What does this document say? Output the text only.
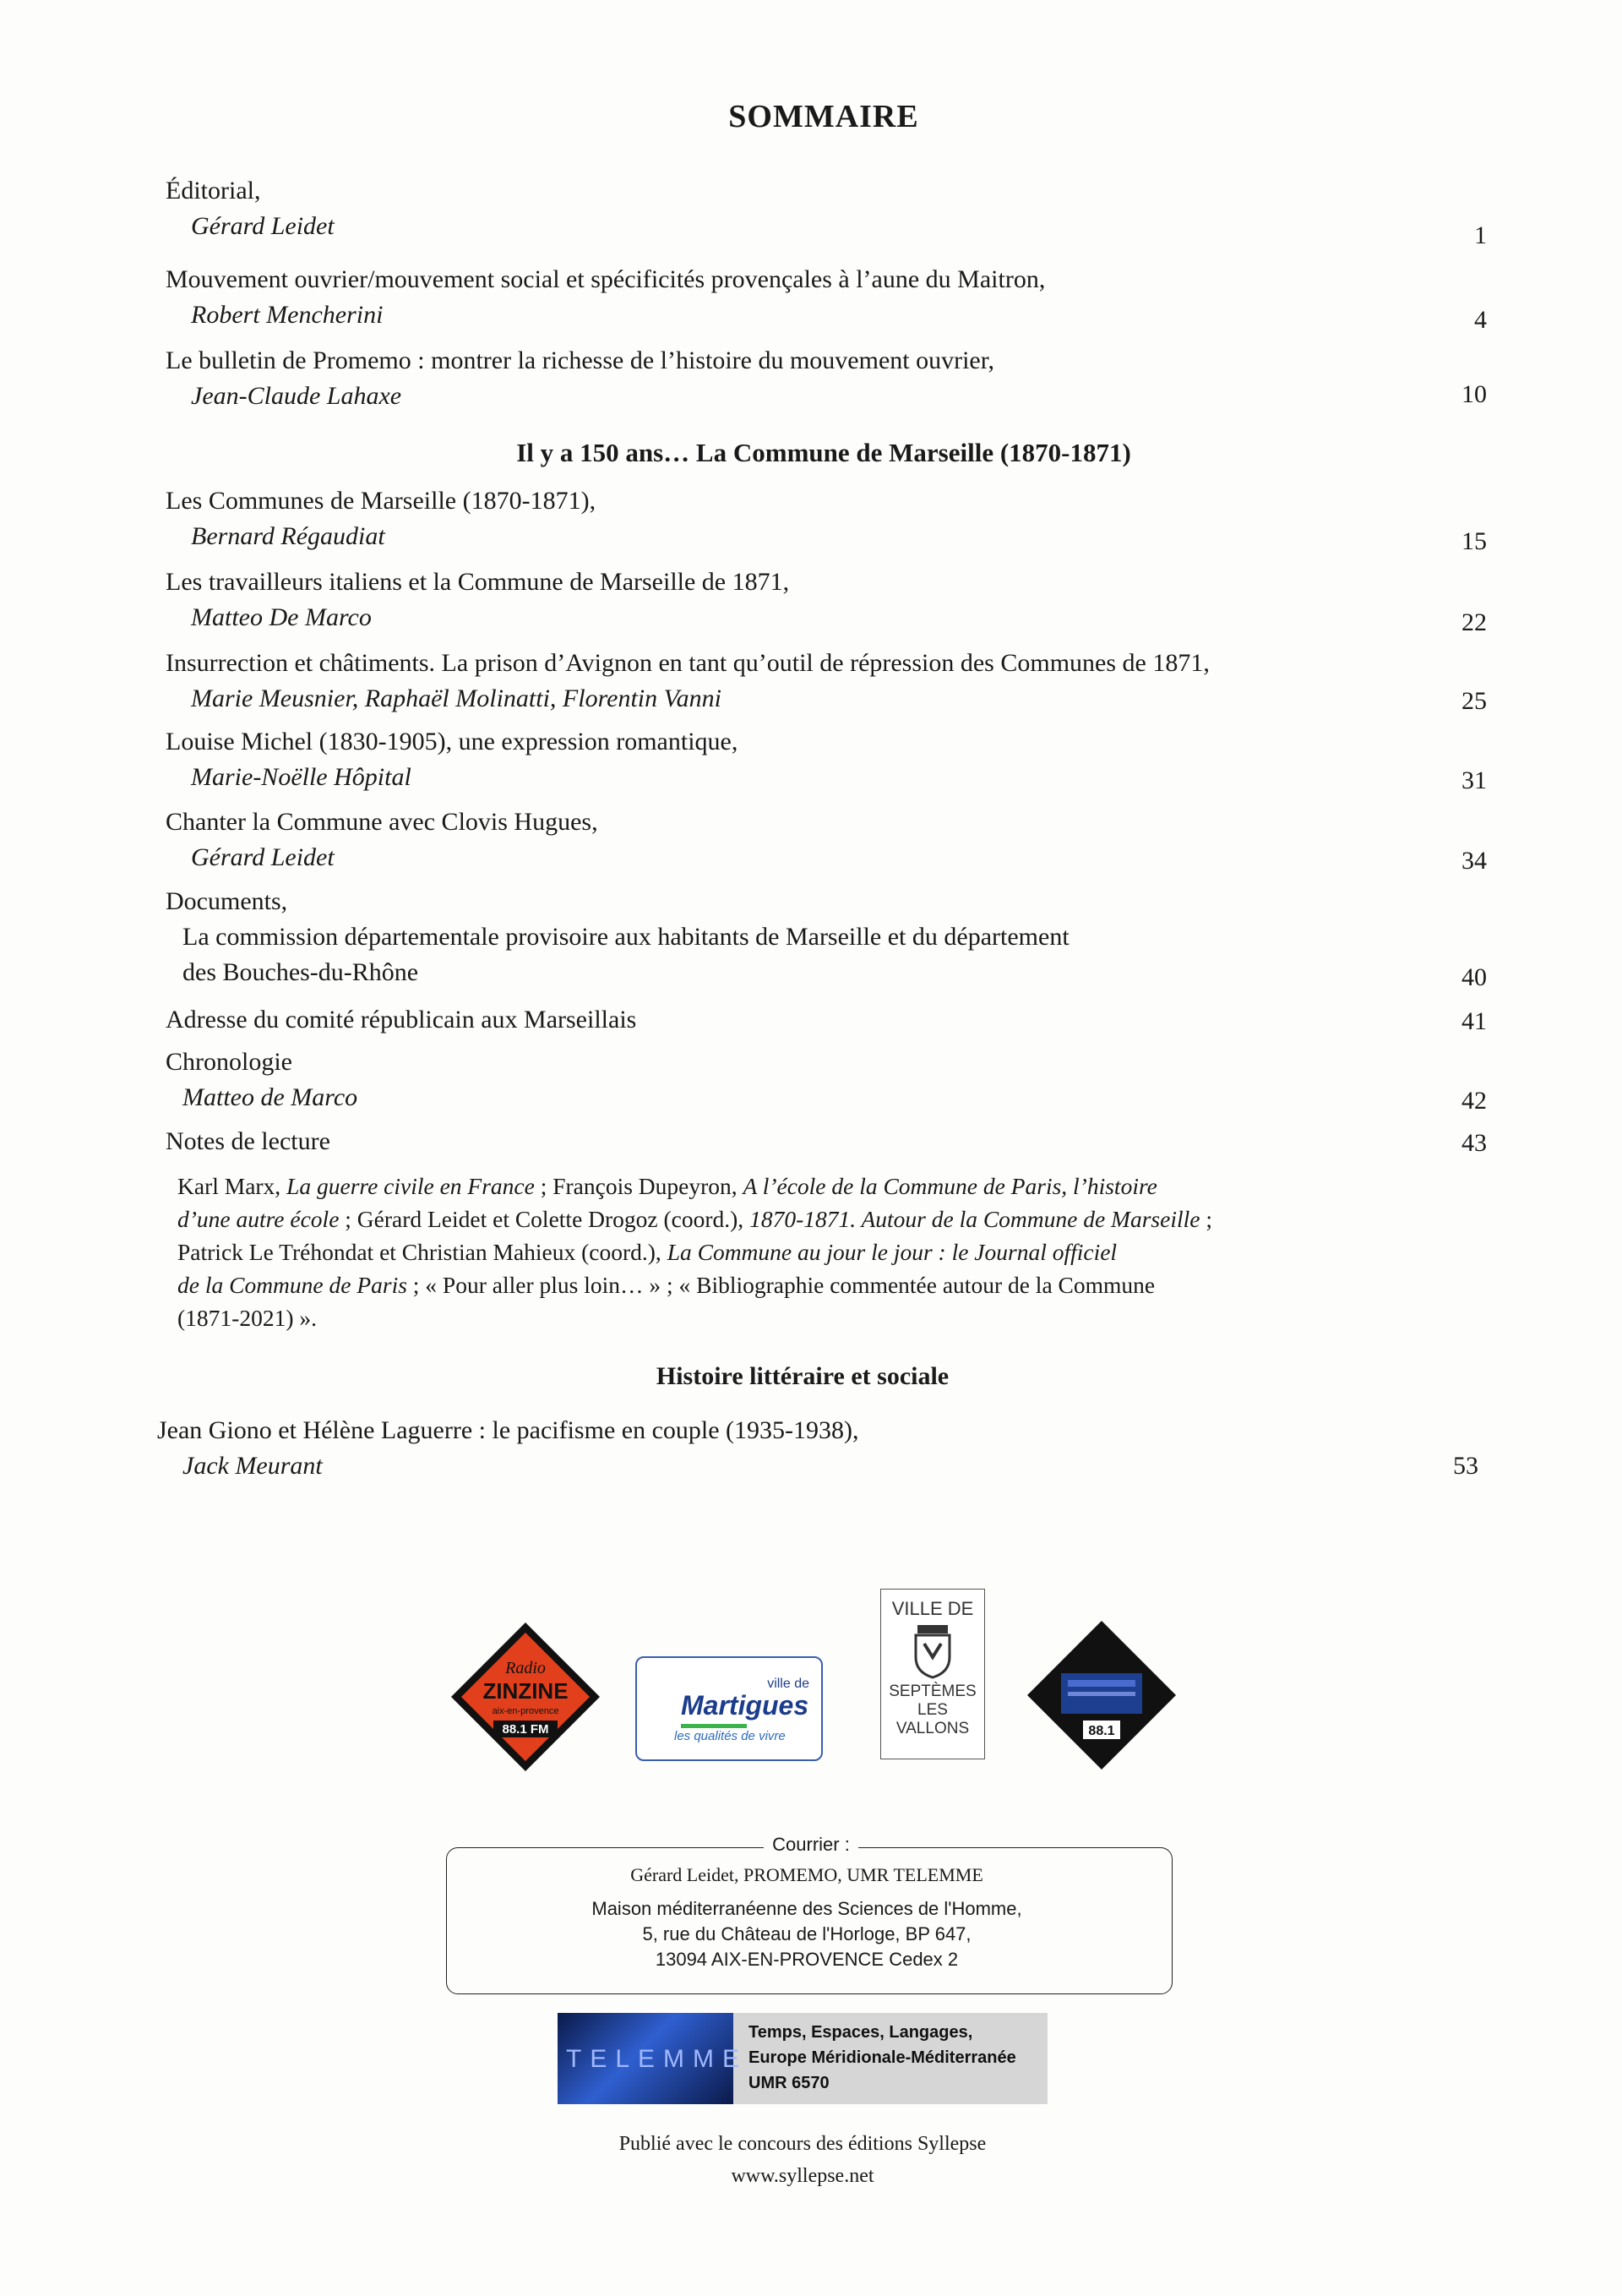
SOMMAIRE
Éditorial,
Gérard Leidet	1
Mouvement ouvrier/mouvement social et spécificités provençales à l’aune du Maitron,
Robert Mencherini	4
Le bulletin de Promemo : montrer la richesse de l’histoire du mouvement ouvrier,
Jean-Claude Lahaxe	10
Il y a 150 ans… La Commune de Marseille (1870-1871)
Les Communes de Marseille (1870-1871),
Bernard Régaudiat	15
Les travailleurs italiens et la Commune de Marseille de 1871,
Matteo De Marco	22
Insurrection et châtiments. La prison d’Avignon en tant qu’outil de répression des Communes de 1871,
Marie Meusnier, Raphaël Molinatti, Florentin Vanni	25
Louise Michel (1830-1905), une expression romantique,
Marie-Noëlle Hôpital	31
Chanter la Commune avec Clovis Hugues,
Gérard Leidet	34
Documents,
La commission départementale provisoire aux habitants de Marseille et du département
des Bouches-du-Rhône	40
Adresse du comité républicain aux Marseillais	41
Chronologie
Matteo de Marco	42
Notes de lecture	43
Karl Marx, La guerre civile en France ; François Dupeyron, A l’école de la Commune de Paris, l’histoire
d’une autre école ; Gérard Leidet et Colette Drogoz (coord.), 1870-1871. Autour de la Commune de Marseille ;
Patrick Le Tréhondat et Christian Mahieux (coord.), La Commune au jour le jour : le Journal officiel
de la Commune de Paris ; « Pour aller plus loin… » ; « Bibliographie commentée autour de la Commune
(1871-2021) ».
Histoire littéraire et sociale
Jean Giono et Hélène Laguerre : le pacifisme en couple (1935-1938),
Jack Meurant	53
Radio
ZINZINE
aix-en-provence
88.1 FM
ville de
Martigues
les qualités de vivre
VILLE DE
SEPTÈMES
LES VALLONS	88.1
Courrier :
Gérard Leidet, PROMEMO, UMR TELEMME
Maison méditerranéenne des Sciences de l'Homme,
5, rue du Château de l'Horloge, BP 647,
13094 AIX-EN-PROVENCE Cedex 2
TELEMME
Temps, Espaces, Langages,
Europe Méridionale-Méditerranée
UMR 6570
Publié avec le concours des éditions Syllepse
www.syllepse.net
